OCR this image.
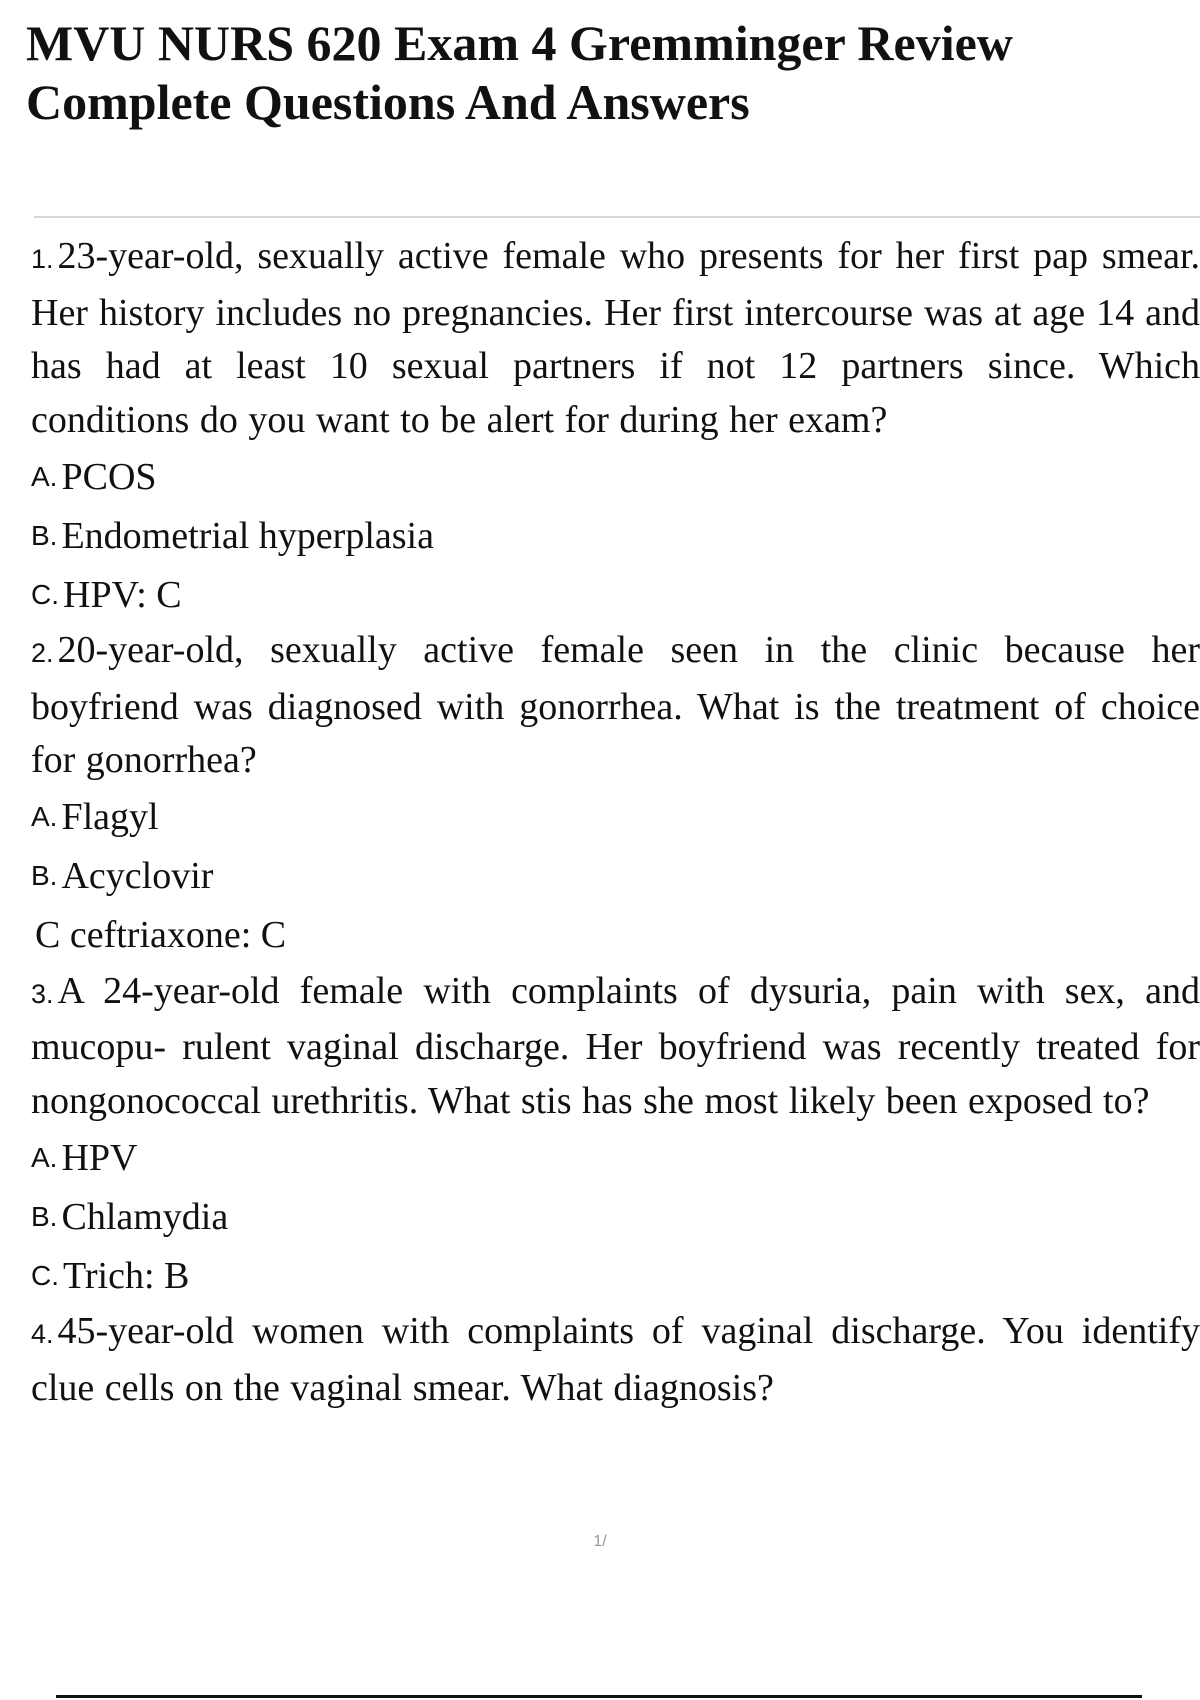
MVU NURS 620 Exam 4 Gremminger Review
Complete Questions And Answers

1. 23-year-old, sexually active female who presents for her first pap smear. Her history includes no pregnancies. Her first intercourse was at age 14 and has had at least 10 sexual partners if not 12 partners since. Which conditions do you want to be alert for during her exam?

A. PCOS

B. Endometrial hyperplasia

C. HPV: C

2. 20-year-old, sexually active female seen in the clinic because her boyfriend was diagnosed with gonorrhea. What is the treatment of choice for gonorrhea?

A. Flagyl

B. Acyclovir

C ceftriaxone: C

3. A 24-year-old female with complaints of dysuria, pain with sex, and mucopu- rulent vaginal discharge. Her boyfriend was recently treated for nongonococcal urethritis. What stis has she most likely been exposed to?

A. HPV

B. Chlamydia

C. Trich: B

4. 45-year-old women with complaints of vaginal discharge. You identify clue cells on the vaginal smear. What diagnosis?

1/
